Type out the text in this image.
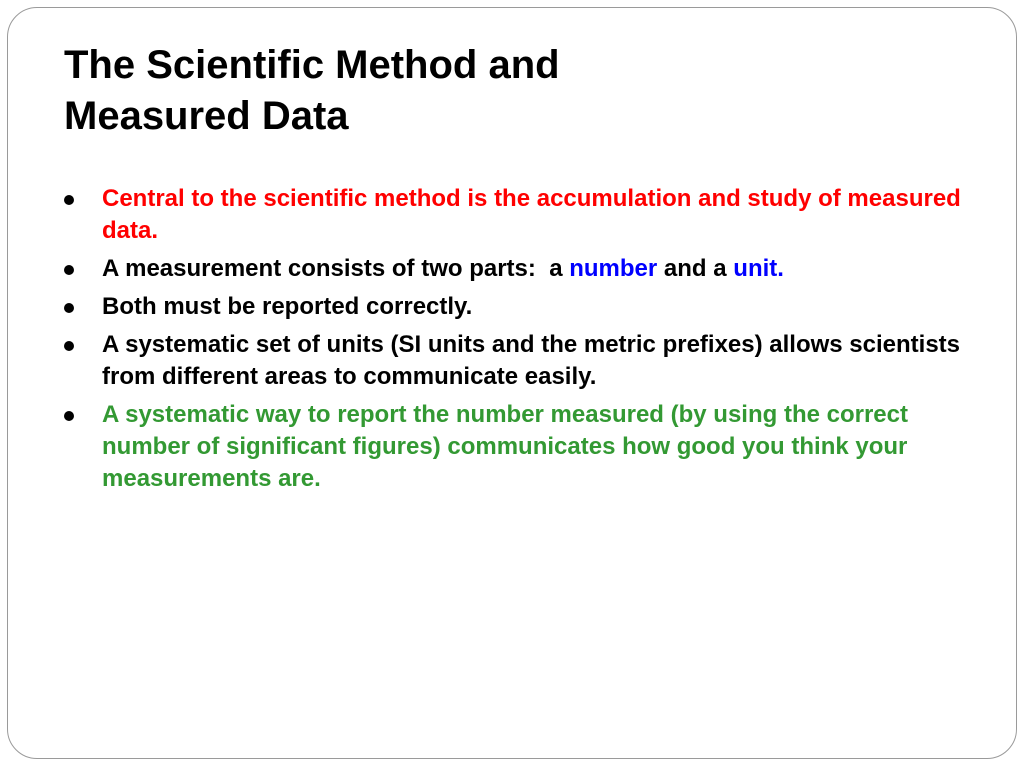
The Scientific Method and
Measured Data
Central to the scientific method is the accumulation and study of measured data.
A measurement consists of two parts:  a number and a unit.
Both must be reported correctly.
A systematic set of units (SI units and the metric prefixes) allows scientists from different areas to communicate easily.
A systematic way to report the number measured (by using the correct number of significant figures) communicates how good you think your measurements are.
